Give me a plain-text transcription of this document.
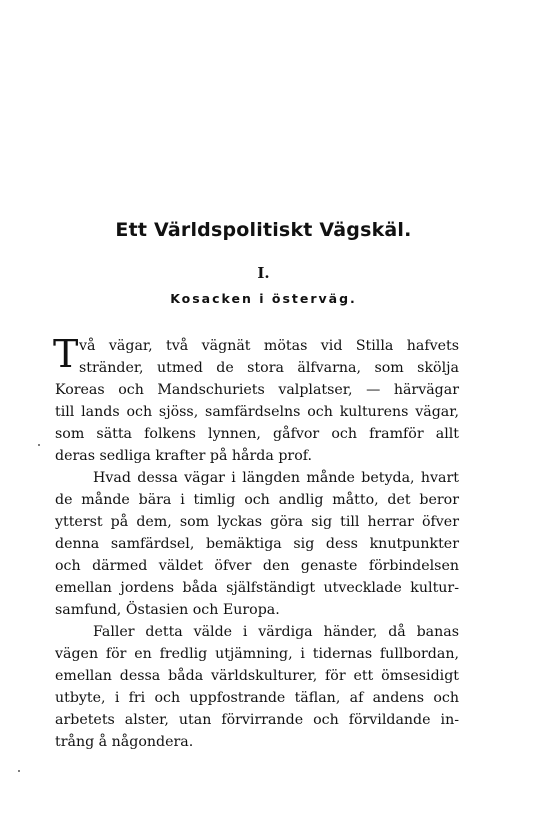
Ett Världspolitiskt Vägskäl.
I.
Kosacken i österväg.
T vå vägar, två vägnät mötas vid Stilla hafvets
stränder, utmed de stora älfvarna, som skölja
Koreas och Mandschuriets valplatser, — härvägar
till lands och sjöss, samfärdselns och kulturens vägar,
som sätta folkens lynnen, gåfvor och framför allt
deras sedliga krafter på hårda prof.
Hvad dessa vägar i längden månde betyda, hvart
de månde bära i timlig och andlig måtto, det beror
ytterst på dem, som lyckas göra sig till herrar öfver
denna samfärdsel, bemäktiga sig dess knutpunkter
och därmed väldet öfver den genaste förbindelsen
emellan jordens båda själfständigt utvecklade kultur-
samfund, Östasien och Europa.
Faller detta välde i värdiga händer, då banas
vägen för en fredlig utjämning, i tidernas fullbordan,
emellan dessa båda världskulturer, för ett ömsesidigt
utbyte, i fri och uppfostrande täflan, af andens och
arbetets alster, utan förvirrande och förvildande in-
trång å någondera.
